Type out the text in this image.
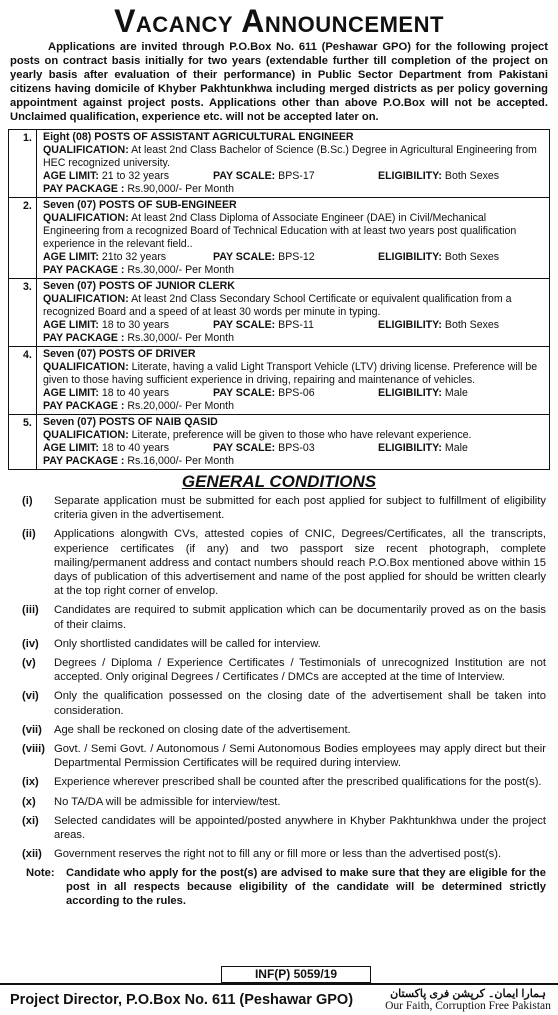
Vacancy Announcement
Applications are invited through P.O.Box No. 611 (Peshawar GPO) for the following project posts on contract basis initially for two years (extendable further till completion of the project on yearly basis after evaluation of their performance) in Public Sector Department from Pakistani citizens having domicile of Khyber Pakhtunkhwa including merged districts as per policy governing appointment against project posts. Applications other than above P.O.Box will not be accepted. Unclaimed qualification, experience etc. will not be accepted later on.
1.	Eight (08) POSTS OF ASSISTANT AGRICULTURAL ENGINEER
QUALIFICATION: At least 2nd Class Bachelor of Science (B.Sc.) Degree in Agricultural Engineering from HEC recognized university.
AGE LIMIT: 21 to 32 years	PAY SCALE: BPS-17	ELIGIBILITY: Both Sexes
PAY PACKAGE : Rs.90,000/- Per Month
2.	Seven (07) POSTS OF SUB-ENGINEER
QUALIFICATION: At least 2nd Class Diploma of Associate Engineer (DAE) in Civil/Mechanical Engineering from a recognized Board of Technical Education with at least two years post qualification experience in the relevant field..
AGE LIMIT: 21to 32 years	PAY SCALE: BPS-12	ELIGIBILITY: Both Sexes
PAY PACKAGE : Rs.30,000/- Per Month
3.	Seven (07) POSTS OF JUNIOR CLERK
QUALIFICATION: At least 2nd Class Secondary School Certificate or equivalent qualification from a recognized Board and a speed of at least 30 words per minute in typing.
AGE LIMIT: 18 to 30 years	PAY SCALE: BPS-11	ELIGIBILITY: Both Sexes
PAY PACKAGE : Rs.30,000/- Per Month
4.	Seven (07) POSTS OF DRIVER
QUALIFICATION: Literate, having a valid Light Transport Vehicle (LTV) driving license. Preference will be given to those having sufficient experience in driving, repairing and maintenance of vehicles.
AGE LIMIT: 18 to 40 years	PAY SCALE: BPS-06	ELIGIBILITY: Male
PAY PACKAGE : Rs.20,000/- Per Month
5.	Seven (07) POSTS OF NAIB QASID
QUALIFICATION: Literate, preference will be given to those who have relevant experience.
AGE LIMIT: 18 to 40 years	PAY SCALE: BPS-03	ELIGIBILITY: Male
PAY PACKAGE : Rs.16,000/- Per Month
GENERAL CONDITIONS
(i)	Separate application must be submitted for each post applied for subject to fulfillment of eligibility criteria given in the advertisement.
(ii)	Applications alongwith CVs, attested copies of CNIC, Degrees/Certificates, all the transcripts, experience certificates (if any) and two passport size recent photograph, complete mailing/permanent address and contact numbers should reach P.O.Box mentioned above within 15 days of publication of this advertisement and name of the post applied for should be written clearly at the top right corner of envelop.
(iii)	Candidates are required to submit application which can be documentarily proved as on the basis of their claims.
(iv)	Only shortlisted candidates will be called for interview.
(v)	Degrees / Diploma / Experience Certificates / Testimonials of unrecognized Institution are not accepted. Only original Degrees / Certificates / DMCs are accepted at the time of Interview.
(vi)	Only the qualification possessed on the closing date of the advertisement shall be taken into consideration.
(vii)	Age shall be reckoned on closing date of the advertisement.
(viii) Govt. / Semi Govt. / Autonomous / Semi Autonomous Bodies employees may apply direct but their Departmental Permission Certificates will be required during interview.
(ix)	Experience wherever prescribed shall be counted after the prescribed qualifications for the post(s).
(x)	No TA/DA will be admissible for interview/test.
(xi)	Selected candidates will be appointed/posted anywhere in Khyber Pakhtunkhwa under the project areas.
(xii)	Government reserves the right not to fill any or fill more or less than the advertised post(s).
Note:	Candidate who apply for the post(s) are advised to make sure that they are eligible for the post in all respects because eligibility of the candidate will be determined strictly according to the rules.
INF(P) 5059/19
Project Director, P.O.Box No. 611 (Peshawar GPO)	ہمارا ایمان۔ کرپشن فری پاکستان
Our Faith, Corruption Free Pakistan
